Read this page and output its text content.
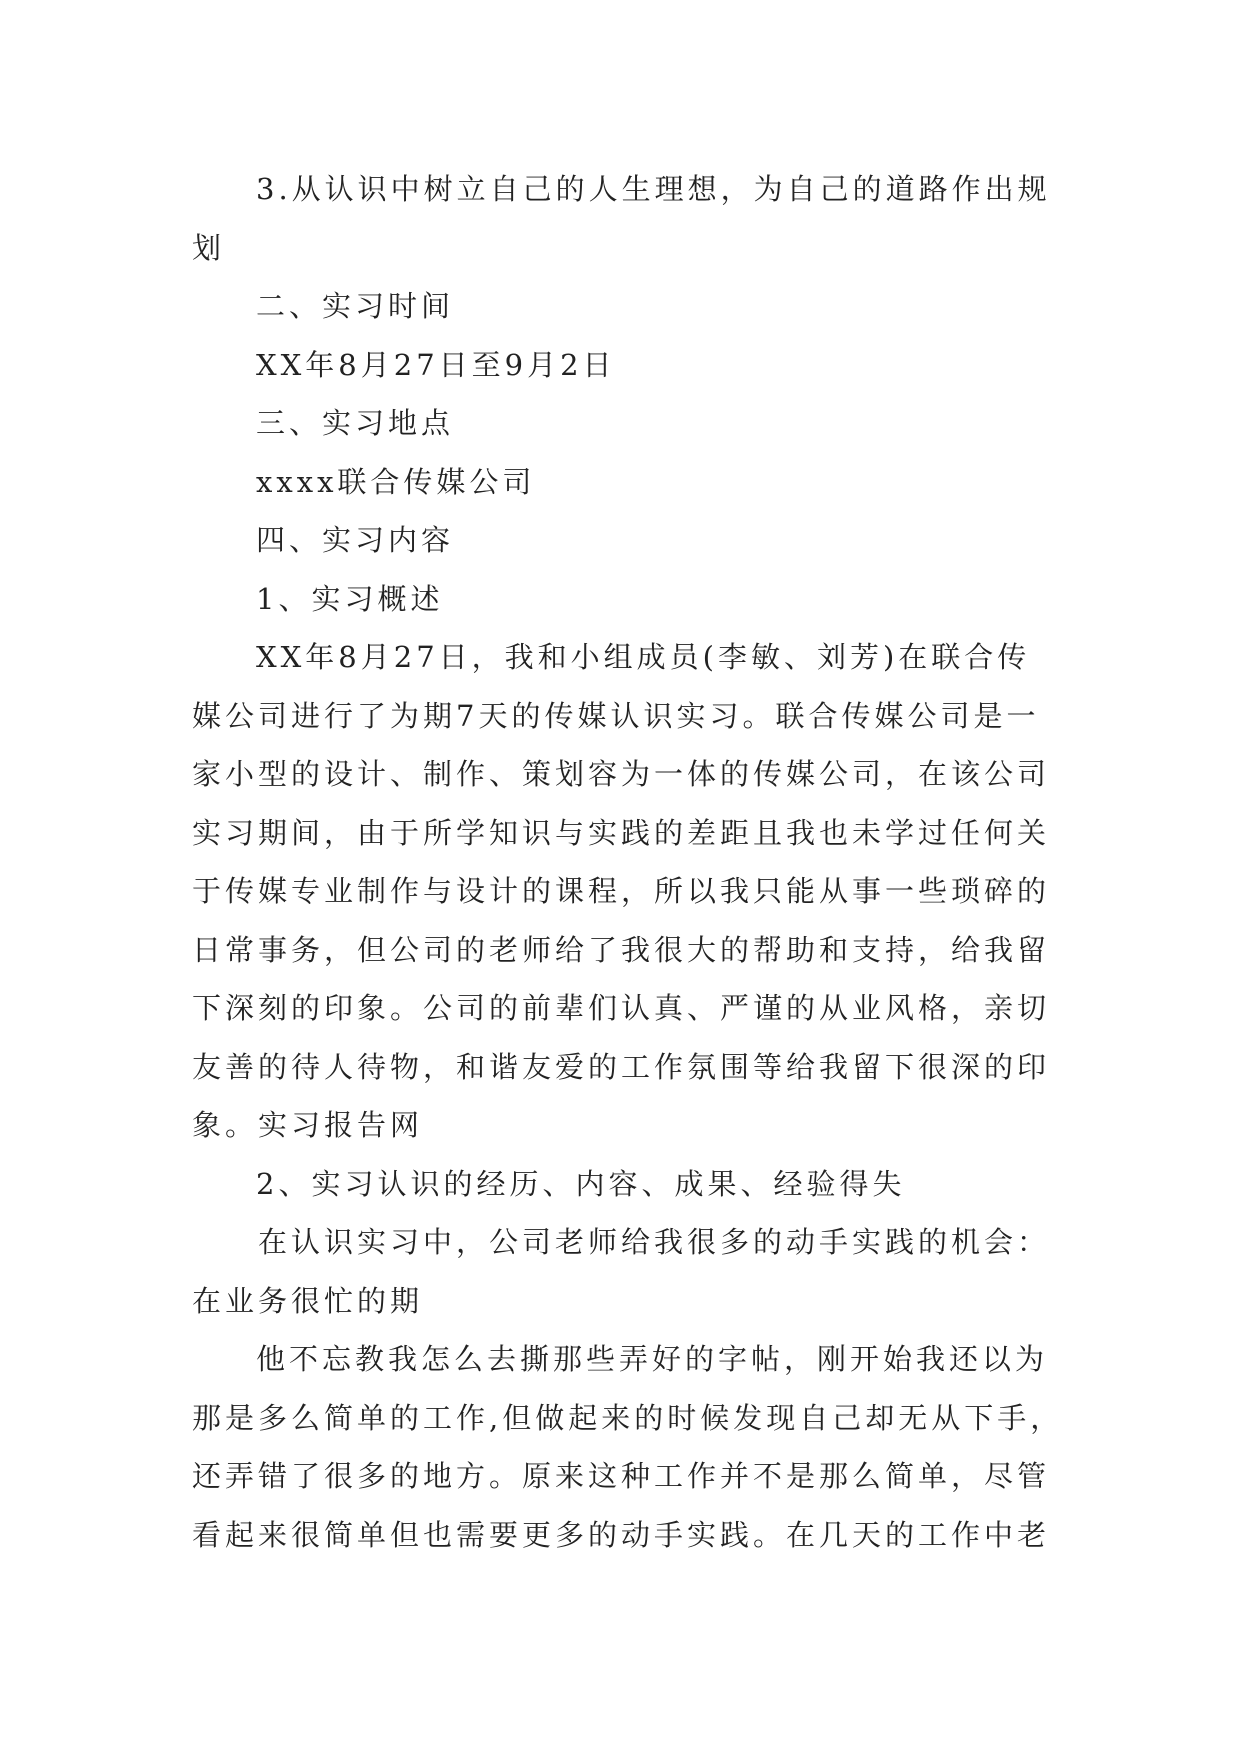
3.从认识中树立自己的人生理想，为自己的道路作出规
划
二、实习时间
XX年8月27日至9月2日
三、实习地点
xxxx联合传媒公司
四、实习内容
1、实习概述
XX年8月27日，我和小组成员(李敏、刘芳)在联合传
媒公司进行了为期7天的传媒认识实习。联合传媒公司是一
家小型的设计、制作、策划容为一体的传媒公司，在该公司
实习期间，由于所学知识与实践的差距且我也未学过任何关
于传媒专业制作与设计的课程，所以我只能从事一些琐碎的
日常事务，但公司的老师给了我很大的帮助和支持，给我留
下深刻的印象。公司的前辈们认真、严谨的从业风格，亲切
友善的待人待物，和谐友爱的工作氛围等给我留下很深的印
象。实习报告网
2、实习认识的经历、内容、成果、经验得失
在认识实习中，公司老师给我很多的动手实践的机会：
在业务很忙的期
他不忘教我怎么去撕那些弄好的字帖，刚开始我还以为
那是多么简单的工作,但做起来的时候发现自己却无从下手，
还弄错了很多的地方。原来这种工作并不是那么简单，尽管
看起来很简单但也需要更多的动手实践。在几天的工作中老
